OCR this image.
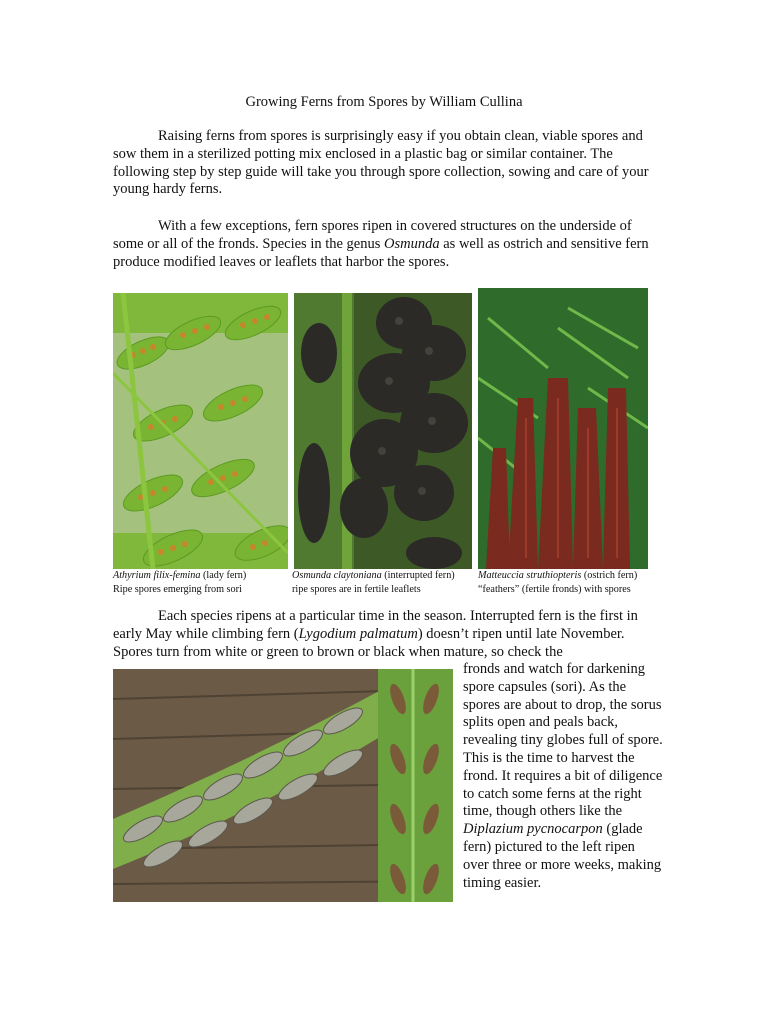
Growing Ferns from Spores by William Cullina

Raising ferns from spores is surprisingly easy if you obtain clean, viable spores and sow them in a sterilized potting mix enclosed in a plastic bag or similar container. The following step by step guide will take you through spore collection, sowing and care of your young hardy ferns.

With a few exceptions, fern spores ripen in covered structures on the underside of some or all of the fronds. Species in the genus Osmunda as well as ostrich and sensitive fern produce modified leaves or leaflets that harbor the spores.

Athyrium filix-femina (lady fern)
Ripe spores emerging from sori
Osmunda claytoniana (interrupted fern)
ripe spores are in fertile leaflets
Matteuccia struthiopteris (ostrich fern)
“feathers” (fertile fronds) with spores

Each species ripens at a particular time in the season. Interrupted fern is the first in early May while climbing fern (Lygodium palmatum) doesn’t ripen until late November. Spores turn from white or green to brown or black when mature, so check the

fronds and watch for darkening spore capsules (sori). As the spores are about to drop, the sorus splits open and peals back, revealing tiny globes full of spore. This is the time to harvest the frond. It requires a bit of diligence to catch some ferns at the right time, though others like the Diplazium pycnocarpon (glade fern) pictured to the left ripen over three or more weeks, making timing easier.
